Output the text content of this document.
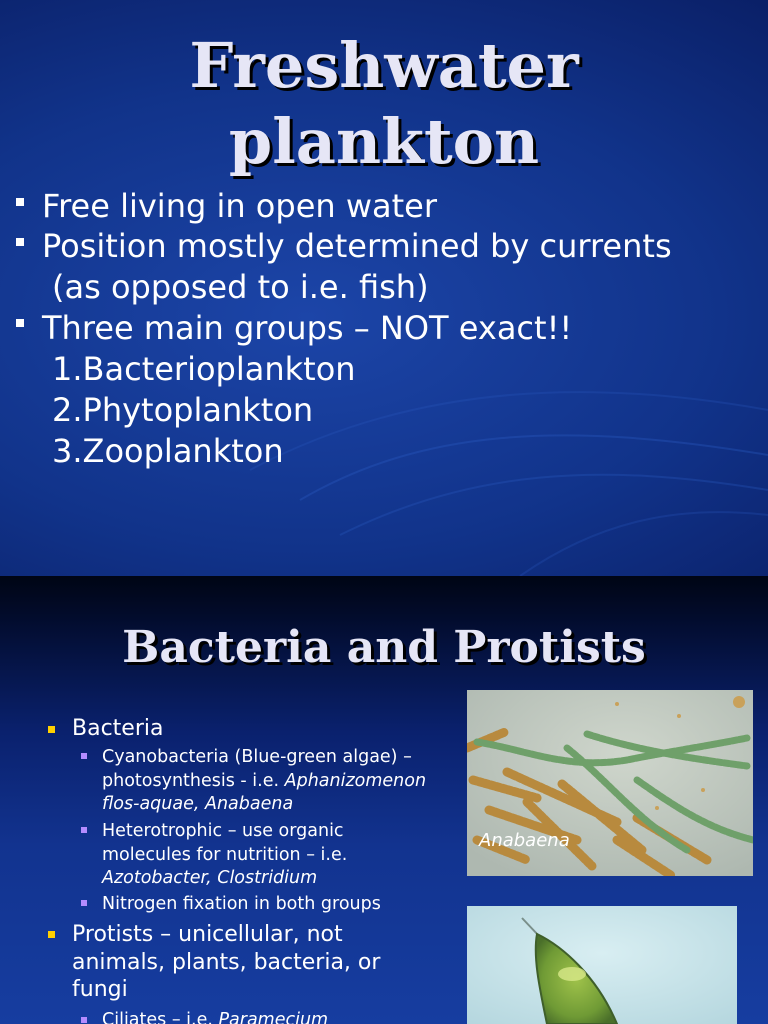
Freshwater
plankton
Free living in open water
Position mostly determined by currents
(as opposed to i.e. fish)
Three main groups – NOT exact!!
1.Bacterioplankton
2.Phytoplankton
3.Zooplankton
Bacteria and Protists
Bacteria
Cyanobacteria (Blue-green algae) –
photosynthesis - i.e. Aphanizomenon
flos-aquae, Anabaena
Heterotrophic – use organic
molecules for nutrition – i.e.
Azotobacter, Clostridium
Nitrogen fixation in both groups
Protists – unicellular, not
animals, plants, bacteria, or
fungi
Ciliates – i.e. Paramecium
Anabaena
